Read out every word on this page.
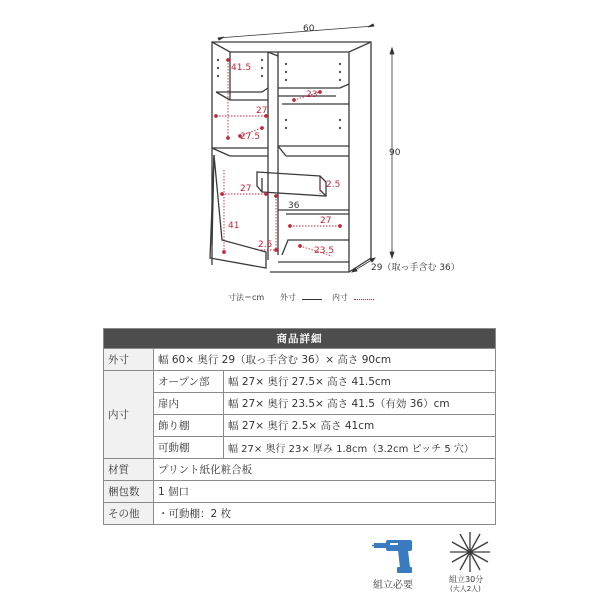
60
90
29（取っ手含む 36）
41.5
27
27.5
23
2.5
27
41
2.5
36
27
23.5
寸法＝cm 外寸	内寸
商品詳細		
外寸	幅 60× 奥行 29（取っ手含む 36）× 高さ 90cm	
内寸	オープン部	幅 27× 奥行 27.5× 高さ 41.5cm
	扉内	幅 27× 奥行 23.5× 高さ 41.5（有効 36）cm
	飾り棚	幅 27× 奥行 2.5× 高さ 41cm
	可動棚	幅 27× 奥行 23× 厚み 1.8cm（3.2cm ピッチ 5 穴）
材質	プリント紙化粧合板	
梱包数	1 個口	
その他	・可動棚：2 枚	
組立必要
組立30分
(大人2人)
